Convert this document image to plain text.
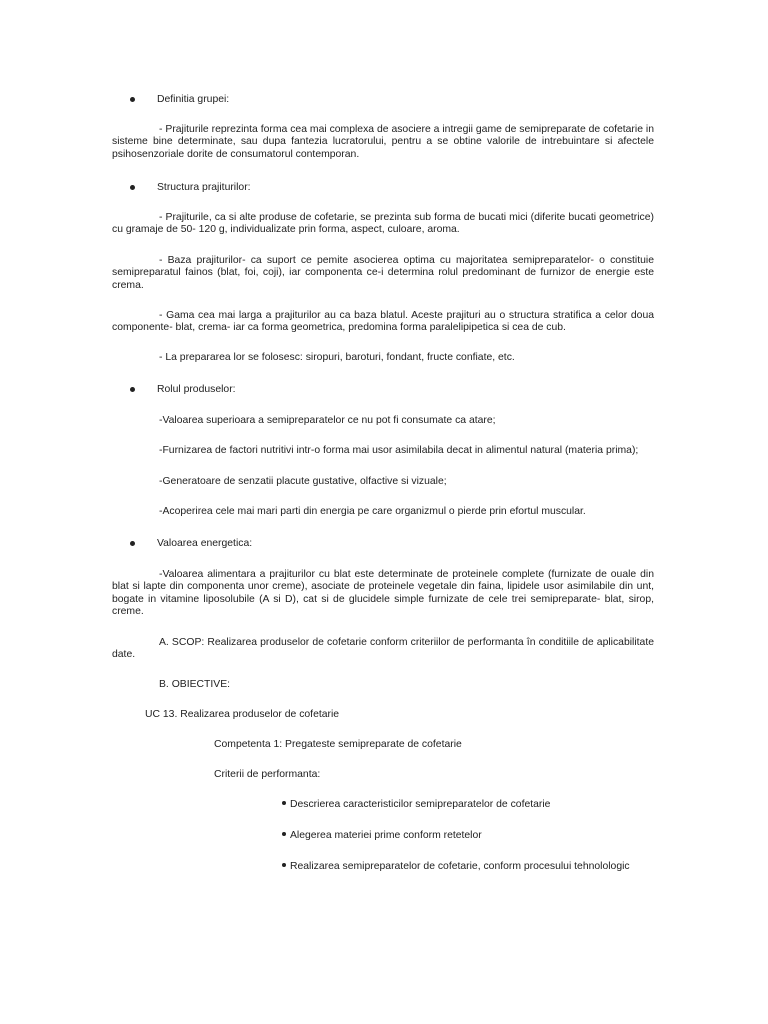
Definitia grupei:

- Prajiturile reprezinta forma cea mai complexa de asociere a intregii game de semipreparate de cofetarie in sisteme bine determinate, sau dupa fantezia lucratorului, pentru a se obtine valorile de intrebuintare si afectele psihosenzoriale dorite de consumatorul contemporan.

Structura prajiturilor:

- Prajiturile, ca si alte produse de cofetarie, se prezinta sub forma de bucati mici (diferite bucati geometrice) cu gramaje de 50- 120 g, individualizate prin forma, aspect, culoare, aroma.

- Baza prajiturilor- ca suport ce pemite asocierea optima cu majoritatea semipreparatelor- o constituie semipreparatul fainos (blat, foi, coji), iar componenta ce-i determina rolul predominant de furnizor de energie este crema.

- Gama cea mai larga a prajiturilor au ca baza blatul. Aceste prajituri au o structura stratifica a celor doua componente- blat, crema- iar ca forma geometrica, predomina forma paralelipipetica si cea de cub.

- La prepararea lor se folosesc: siropuri, baroturi, fondant, fructe confiate, etc.

Rolul produselor:

-Valoarea superioara a semipreparatelor ce nu pot fi consumate ca atare;

-Furnizarea de factori nutritivi intr-o forma mai usor asimilabila decat in alimentul natural (materia prima);

-Generatoare de senzatii placute gustative, olfactive si vizuale;

-Acoperirea cele mai mari parti din energia pe care organizmul o pierde prin efortul muscular.

Valoarea energetica:

-Valoarea alimentara a prajiturilor cu blat este determinate de proteinele complete (furnizate de ouale din blat si lapte din componenta unor creme), asociate de proteinele vegetale din faina, lipidele usor asimilabile din unt, bogate in vitamine liposolubile (A si D), cat si de glucidele simple furnizate de cele trei semipreparate- blat, sirop, creme.

A. SCOP: Realizarea produselor de cofetarie conform criteriilor de performanta în conditiile de aplicabilitate date.

B. OBIECTIVE:

UC 13. Realizarea produselor de cofetarie

Competenta 1: Pregateste semipreparate de cofetarie

Criterii de performanta:

Descrierea caracteristicilor semipreparatelor de cofetarie
Alegerea materiei prime conform retetelor
Realizarea semipreparatelor de cofetarie, conform procesului tehnolologic
